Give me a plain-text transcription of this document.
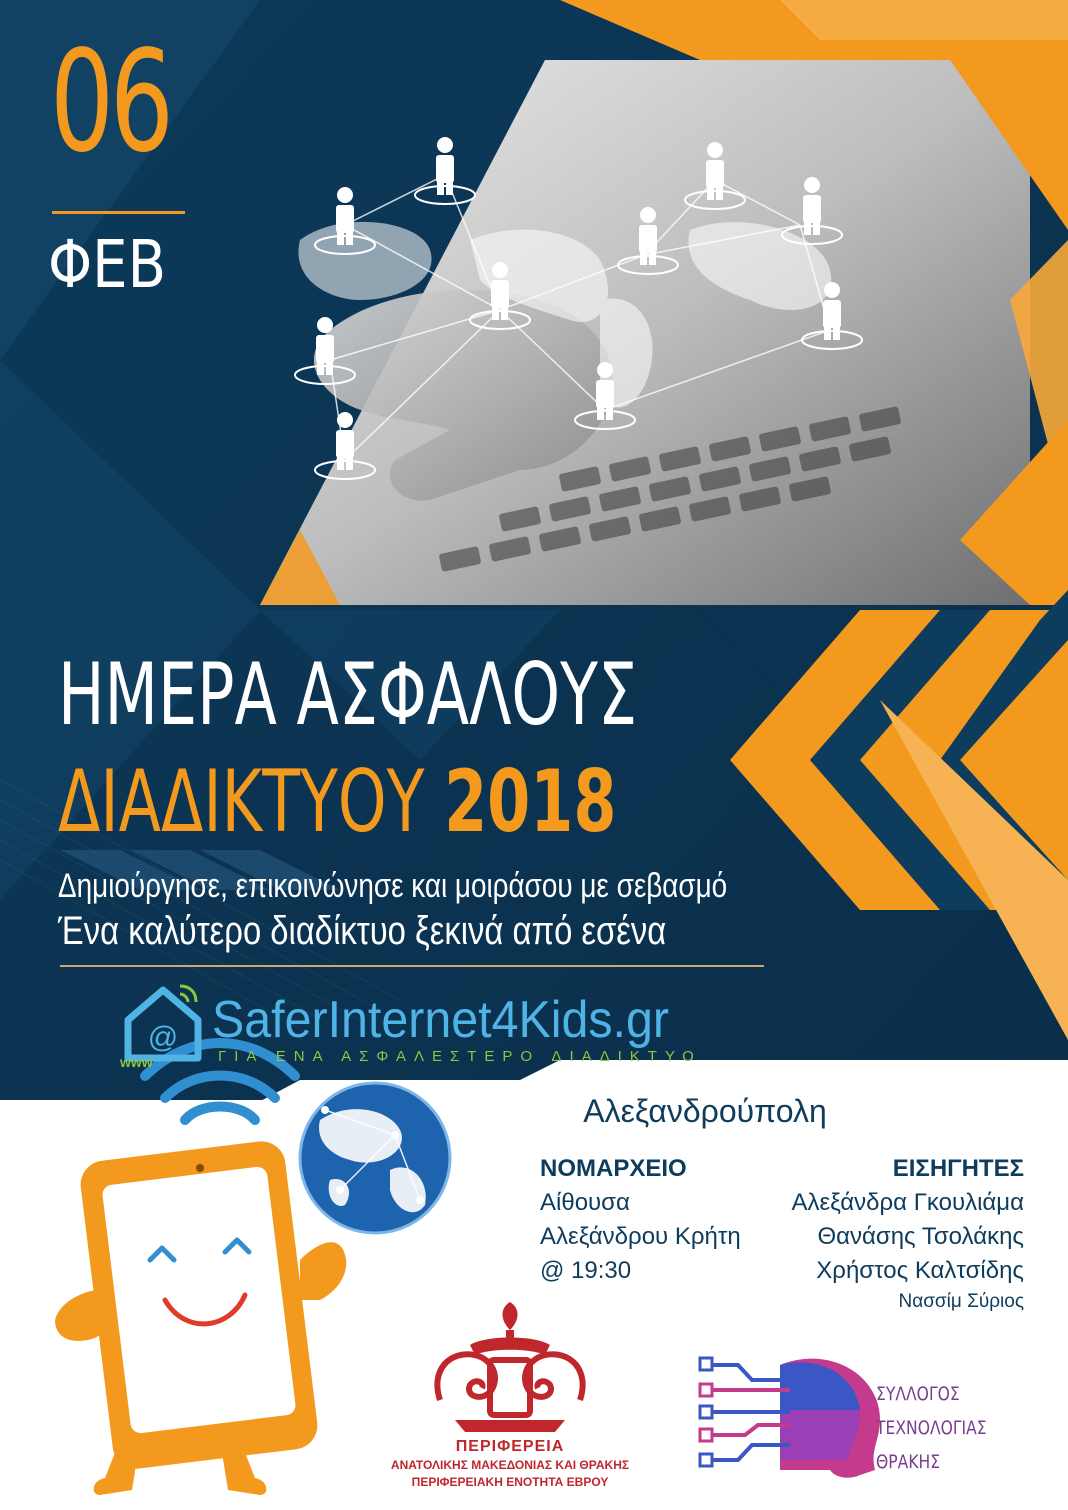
06
ΦΕΒ
ΗΜΕΡΑ ΑΣΦΑΛΟΥΣ
ΔΙΑΔΙΚΤΥΟΥ 2018
Δημιούργησε, επικοινώνησε και μοιράσου με σεβασμό
Ένα καλύτερο διαδίκτυο ξεκινά από εσένα
@ SaferInternet4Kids.gr
www	ΓΙΑ ΕΝΑ ΑΣΦΑΛΕΣΤΕΡΟ ΔΙΑΔΙΚΤΥΟ
Αλεξανδρούπολη
ΝΟΜΑΡΧΕΙΟ
Αίθουσα
Αλεξάνδρου Κρήτη
@ 19:30
ΕΙΣΗΓΗΤΕΣ
Αλεξάνδρα Γκουλιάμα
Θανάσης Τσολάκης
Χρήστος Καλτσίδης
Νασσίμ Σύριος
ΠΕΡΙΦΕΡΕΙΑ
ΑΝΑΤΟΛΙΚΗΣ ΜΑΚΕΔΟΝΙΑΣ ΚΑΙ ΘΡΑΚΗΣ
ΠΕΡΙΦΕΡΕΙΑΚΗ ΕΝΟΤΗΤΑ ΕΒΡΟΥ
ΣΥΛΛΟΓΟΣ
ΤΕΧΝΟΛΟΓΙΑΣ
ΘΡΑΚΗΣ
